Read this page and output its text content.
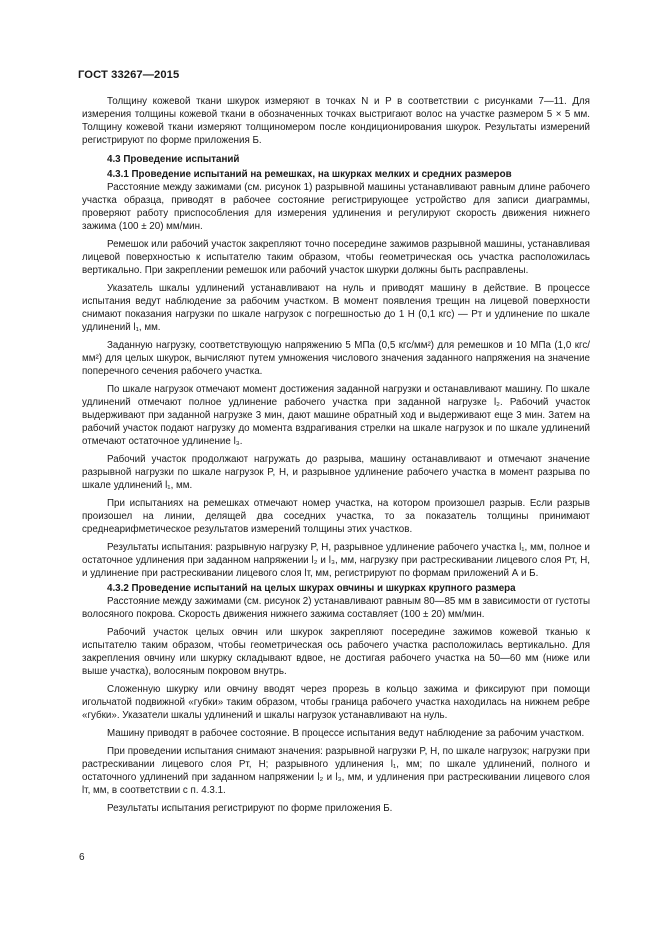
ГОСТ 33267—2015

Толщину кожевой ткани шкурок измеряют в точках N и P в соответствии с рисунками 7—11. Для измерения толщины кожевой ткани в обозначенных точках выстригают волос на участке размером 5 × 5 мм. Толщину кожевой ткани измеряют толщиномером после кондиционирования шкурок. Результаты измерений регистрируют по форме приложения Б.

4.3 Проведение испытаний
4.3.1 Проведение испытаний на ремешках, на шкурках мелких и средних размеров

Расстояние между зажимами (см. рисунок 1) разрывной машины устанавливают равным длине рабочего участка образца, приводят в рабочее состояние регистрирующее устройство для записи диаграммы, проверяют работу приспособления для измерения удлинения и регулируют скорость движения нижнего зажима (100 ± 20) мм/мин.

Ремешок или рабочий участок закрепляют точно посередине зажимов разрывной машины, устанавливая лицевой поверхностью к испытателю таким образом, чтобы геометрическая ось участка расположилась вертикально. При закреплении ремешок или рабочий участок шкурки должны быть расправлены.

Указатель шкалы удлинений устанавливают на нуль и приводят машину в действие. В процессе испытания ведут наблюдение за рабочим участком. В момент появления трещин на лицевой поверхности снимают показания нагрузки по шкале нагрузок с погрешностью до 1 Н (0,1 кгс) — Pт и удлинение по шкале удлинений l₁, мм.

Заданную нагрузку, соответствующую напряжению 5 МПа (0,5 кгс/мм²) для ремешков и 10 МПа (1,0 кгс/мм²) для целых шкурок, вычисляют путем умножения числового значения заданного напряжения на значение поперечного сечения рабочего участка.

По шкале нагрузок отмечают момент достижения заданной нагрузки и останавливают машину. По шкале удлинений отмечают полное удлинение рабочего участка при заданной нагрузке l₂. Рабочий участок выдерживают при заданной нагрузке 3 мин, дают машине обратный ход и выдерживают еще 3 мин. Затем на рабочий участок подают нагрузку до момента вздрагивания стрелки на шкале нагрузок и по шкале удлинений отмечают остаточное удлинение l₃.

Рабочий участок продолжают нагружать до разрыва, машину останавливают и отмечают значение разрывной нагрузки по шкале нагрузок P, Н, и разрывное удлинение рабочего участка в момент разрыва по шкале удлинений l₁, мм.

При испытаниях на ремешках отмечают номер участка, на котором произошел разрыв. Если разрыв произошел на линии, делящей два соседних участка, то за показатель толщины принимают среднеарифметическое результатов измерений толщины этих участков.

Результаты испытания: разрывную нагрузку P, Н, разрывное удлинение рабочего участка l₁, мм, полное и остаточное удлинения при заданном напряжении l₂ и l₃, мм, нагрузку при растрескивании лицевого слоя Pт, Н, и удлинение при растрескивании лицевого слоя lт, мм, регистрируют по формам приложений А и Б.

4.3.2 Проведение испытаний на целых шкурах овчины и шкурках крупного размера

Расстояние между зажимами (см. рисунок 2) устанавливают равным 80—85 мм в зависимости от густоты волосяного покрова. Скорость движения нижнего зажима составляет (100 ± 20) мм/мин.

Рабочий участок целых овчин или шкурок закрепляют посередине зажимов кожевой тканью к испытателю таким образом, чтобы геометрическая ось рабочего участка расположилась вертикально. Для закрепления овчину или шкурку складывают вдвое, не достигая рабочего участка на 50—60 мм (ниже или выше участка), волосяным покровом внутрь.

Сложенную шкурку или овчину вводят через прорезь в кольцо зажима и фиксируют при помощи игольчатой подвижной «губки» таким образом, чтобы граница рабочего участка находилась на нижнем ребре «губки». Указатели шкалы удлинений и шкалы нагрузок устанавливают на нуль.

Машину приводят в рабочее состояние. В процессе испытания ведут наблюдение за рабочим участком.

При проведении испытания снимают значения: разрывной нагрузки P, Н, по шкале нагрузок; нагрузки при растрескивании лицевого слоя Pт, Н; разрывного удлинения l₁, мм; по шкале удлинений, полного и остаточного удлинений при заданном напряжении l₂ и l₃, мм, и удлинения при растрескивании лицевого слоя lт, мм, в соответствии с п. 4.3.1.

Результаты испытания регистрируют по форме приложения Б.

6
